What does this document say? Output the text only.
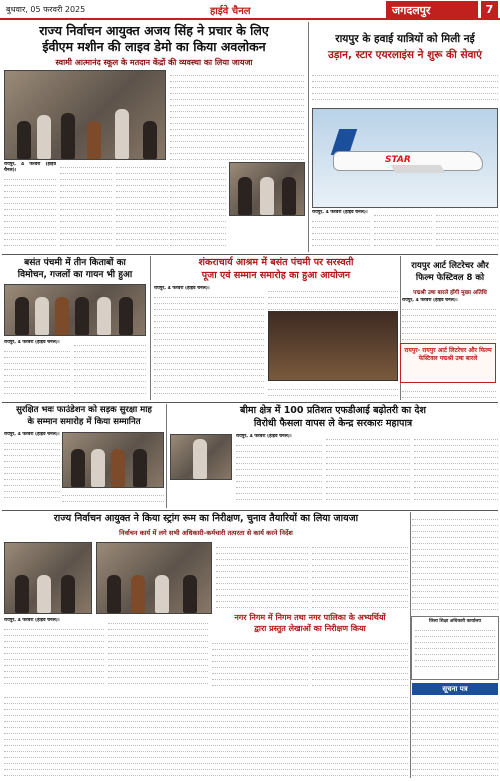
बुधवार, 05 फरवरी 2025	हाईवे चैनल	जगदलपुर	7
राज्य निर्वाचन आयुक्त अजय सिंह ने प्रचार के लिए
ईवीएम मशीन की लाइव डेमो का किया अवलोकन
स्वामी आत्मानंद स्कूल के मतदान केंद्रों की व्यवस्था का लिया जायजा
रायपुर, 4 फरवरी (हाईवे चैनल)।
रायपुर के हवाई यात्रियों को मिली नई
उड़ान, स्टार एयरलाइंस ने शुरू की सेवाएं
STAR
रायपुर, 4 फरवरी (हाईवे चैनल)।
बसंत पंचमी में तीन किताबों का
विमोचन, गजलों का गायन भी हुआ
रायपुर, 4 फरवरी (हाईवे चैनल)।
शंकराचार्य आश्रम में बसंत पंचमी पर सरस्वती
पूजा एवं सम्मान समारोह का हुआ आयोजन
रायपुर, 4 फरवरी (हाईवे चैनल)।
रायपुर आर्ट लिटरेचर और
फिल्म फेस्टिवल 8 को
पद्मश्री उषा बारले होंगी मुख्य अतिथि
रायपुर- रायपुर आर्ट लिटरेचर और फिल्म फेस्टिवल पद्मश्री उषा बारले
रायपुर, 4 फरवरी (हाईवे चैनल)।
सुरक्षित भवः फाउंडेशन को सड़क सुरक्षा माह
के सम्मान समारोह में किया सम्मानित
रायपुर, 4 फरवरी (हाईवे चैनल)।
बीमा क्षेत्र में 100 प्रतिशत एफडीआई बढ़ोतरी का देश
विरोधी फैसला वापस ले केन्द्र सरकारः महापात्र
रायपुर, 4 फरवरी (हाईवे चैनल)।
राज्य निर्वाचन आयुक्त ने किया स्ट्रांग रूम का निरीक्षण, चुनाव तैयारियों का लिया जायजा
निर्वाचन कार्य में लगे सभी अधिकारी-कर्मचारी तत्परता से कार्य करने निर्देश
रायपुर, 4 फरवरी (हाईवे चैनल)।	नगर निगम में निगम तथा नगर पालिका के अभ्यर्थियों
द्वारा प्रस्तुत लेखाओं का निरीक्षण किया
जिला शिक्षा अधिकारी कार्यालय
सूचना पत्र
